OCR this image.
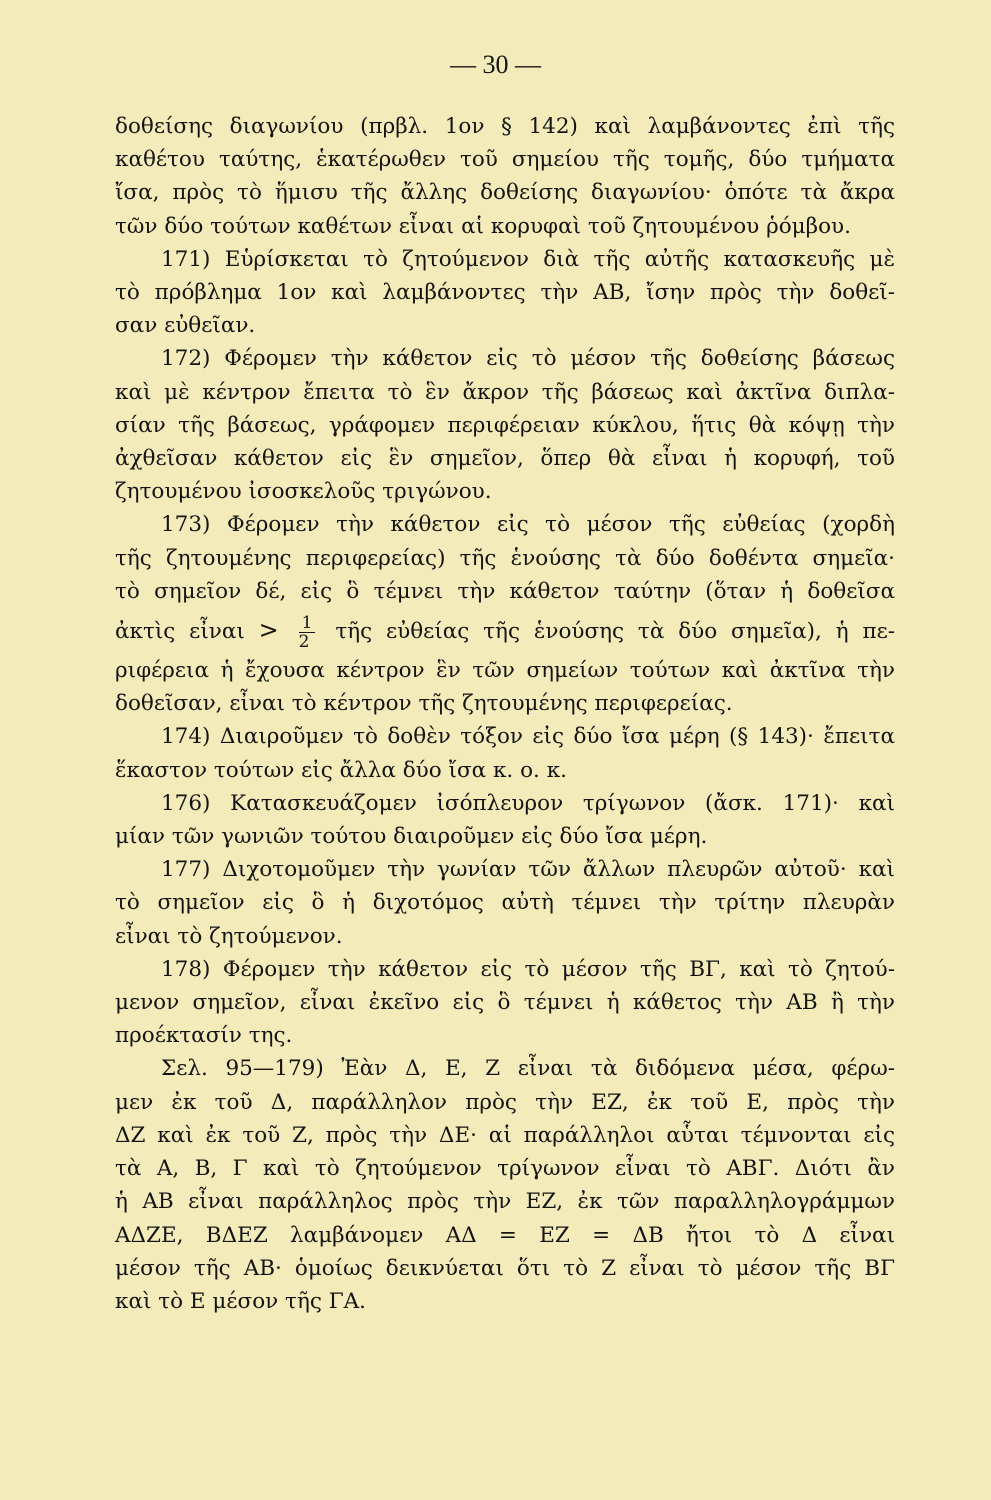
— 30 —
δοθείσης διαγωνίου (πρβλ. 1ον § 142) καὶ λαμβάνοντες ἐπὶ τῆς
καθέτου ταύτης, ἑκατέρωθεν τοῦ σημείου τῆς τομῆς, δύο τμήματα
ἴσα, πρὸς τὸ ἥμισυ τῆς ἄλλης δοθείσης διαγωνίου· ὁπότε τὰ ἄκρα
τῶν δύο τούτων καθέτων εἶναι αἱ κορυφαὶ τοῦ ζητουμένου ῥόμβου.
171) Εὑρίσκεται τὸ ζητούμενον διὰ τῆς αὐτῆς κατασκευῆς μὲ
τὸ πρόβλημα 1ον καὶ λαμβάνοντες τὴν ΑΒ, ἴσην πρὸς τὴν δοθεῖ-
σαν εὐθεῖαν.
172) Φέρομεν τὴν κάθετον εἰς τὸ μέσον τῆς δοθείσης βάσεως
καὶ μὲ κέντρον ἔπειτα τὸ ἓν ἄκρον τῆς βάσεως καὶ ἀκτῖνα διπλα-
σίαν τῆς βάσεως, γράφομεν περιφέρειαν κύκλου, ἥτις θὰ κόψῃ τὴν
ἀχθεῖσαν κάθετον εἰς ἓν σημεῖον, ὅπερ θὰ εἶναι ἡ κορυφή, τοῦ
ζητουμένου ἰσοσκελοῦς τριγώνου.
173) Φέρομεν τὴν κάθετον εἰς τὸ μέσον τῆς εὐθείας (χορδὴ
τῆς ζητουμένης περιφερείας) τῆς ἑνούσης τὰ δύο δοθέντα σημεῖα·
τὸ σημεῖον δέ, εἰς ὃ τέμνει τὴν κάθετον ταύτην (ὅταν ἡ δοθεῖσα
ἀκτὶς εἶναι > $\frac{1}{2}$ τῆς εὐθείας τῆς ἑνούσης τὰ δύο σημεῖα), ἡ πε-
ριφέρεια ἡ ἔχουσα κέντρον ἓν τῶν σημείων τούτων καὶ ἀκτῖνα τὴν
δοθεῖσαν, εἶναι τὸ κέντρον τῆς ζητουμένης περιφερείας.
174) Διαιροῦμεν τὸ δοθὲν τόξον εἰς δύο ἴσα μέρη (§ 143)· ἔπειτα
ἕκαστον τούτων εἰς ἄλλα δύο ἴσα κ. ο. κ.
176) Κατασκευάζομεν ἰσόπλευρον τρίγωνον (ἄσκ. 171)· καὶ
μίαν τῶν γωνιῶν τούτου διαιροῦμεν εἰς δύο ἴσα μέρη.
177) Διχοτομοῦμεν τὴν γωνίαν τῶν ἄλλων πλευρῶν αὐτοῦ· καὶ
τὸ σημεῖον εἰς ὃ ἡ διχοτόμος αὐτὴ τέμνει τὴν τρίτην πλευρὰν
εἶναι τὸ ζητούμενον.
178) Φέρομεν τὴν κάθετον εἰς τὸ μέσον τῆς ΒΓ, καὶ τὸ ζητού-
μενον σημεῖον, εἶναι ἐκεῖνο εἰς ὃ τέμνει ἡ κάθετος τὴν ΑΒ ἢ τὴν
προέκτασίν της.
Σελ. 95—179) Ἐὰν Δ, Ε, Ζ εἶναι τὰ διδόμενα μέσα, φέρω-
μεν ἐκ τοῦ Δ, παράλληλον πρὸς τὴν ΕΖ, ἐκ τοῦ Ε, πρὸς τὴν
ΔΖ καὶ ἐκ τοῦ Ζ, πρὸς τὴν ΔΕ· αἱ παράλληλοι αὗται τέμνονται εἰς
τὰ Α, Β, Γ καὶ τὸ ζητούμενον τρίγωνον εἶναι τὸ ΑΒΓ. Διότι ἂν
ἡ ΑΒ εἶναι παράλληλος πρὸς τὴν ΕΖ, ἐκ τῶν παραλληλογράμμων
ΑΔΖΕ, ΒΔΕΖ λαμβάνομεν ΑΔ = ΕΖ = ΔΒ ἤτοι τὸ Δ εἶναι
μέσον τῆς ΑΒ· ὁμοίως δεικνύεται ὅτι τὸ Ζ εἶναι τὸ μέσον τῆς ΒΓ
καὶ τὸ Ε μέσον τῆς ΓΑ.
